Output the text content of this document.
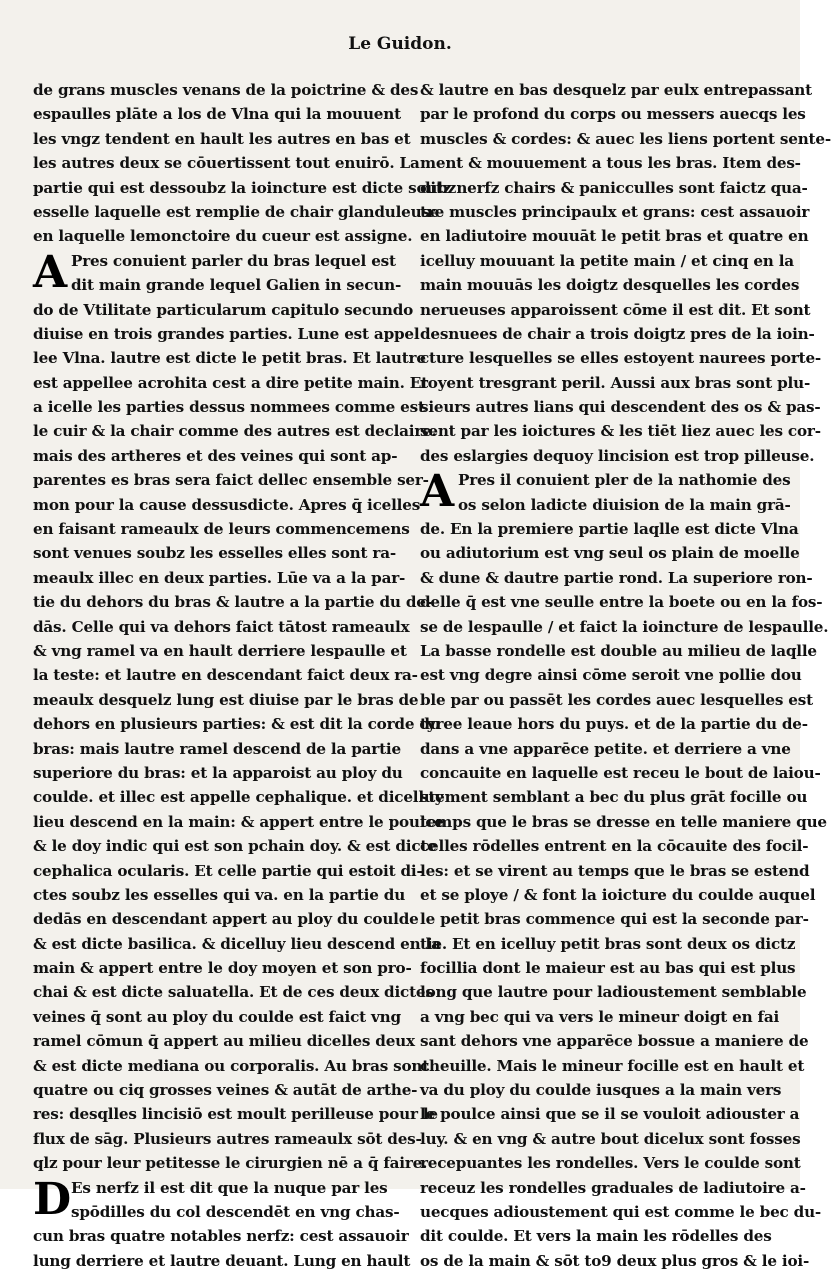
Le Guidon.
de grans muscles venans de la poictrine & des
espaulles plāte a los de Vlna qui la mouuent
les vngz tendent en hault les autres en bas et
les autres deux se cōuertissent tout enuirō. La
partie qui est dessoubz la ioincture est dicte soubz
esselle laquelle est remplie de chair glanduleuse
en laquelle lemonctoire du cueur est assigne.
A Pres conuient parler du bras lequel est
dit main grande lequel Galien in secun-
do de Vtilitate particularum capitulo secundo
diuise en trois grandes parties. Lune est appel
lee Vlna. lautre est dicte le petit bras. Et lautre
est appellee acrohita cest a dire petite main. Et
a icelle les parties dessus nommees comme est
le cuir & la chair comme des autres est declaire.
mais des artheres et des veines qui sont ap-
parentes es bras sera faict dellec ensemble ser-
mon pour la cause dessusdicte. Apres q̄ icelles
en faisant rameaulx de leurs commencemens
sont venues soubz les esselles elles sont ra-
meaulx illec en deux parties. Lūe va a la par-
tie du dehors du bras & lautre a la partie du de-
dās. Celle qui va dehors faict tātost rameaulx
& vng ramel va en hault derriere lespaulle et
la teste: et lautre en descendant faict deux ra-
meaulx desquelz lung est diuise par le bras de
dehors en plusieurs parties: & est dit la corde du
bras: mais lautre ramel descend de la partie
superiore du bras: et la apparoist au ploy du
coulde. et illec est appelle cephalique. et dicelluy
lieu descend en la main: & appert entre le poulce
& le doy indic qui est son pchain doy. & est dicte
cephalica ocularis. Et celle partie qui estoit di-
ctes soubz les esselles qui va. en la partie du
dedās en descendant appert au ploy du coulde
& est dicte basilica. & dicelluy lieu descend en la
main & appert entre le doy moyen et son pro-
chai & est dicte saluatella. Et de ces deux dictes
veines q̄ sont au ploy du coulde est faict vng
ramel cōmun q̄ appert au milieu dicelles deux
& est dicte mediana ou corporalis. Au bras sont
quatre ou ciq grosses veines & autāt de arthe-
res: desqlles lincisiō est moult perilleuse pour le
flux de sāg. Plusieurs autres rameaulx sōt des-
qlz pour leur petitesse le cirurgien nē a q̄ faire.
D Es nerfz il est dit que la nuque par les
spōdilles du col descendēt en vng chas-
cun bras quatre notables nerfz: cest assauoir
lung derriere et lautre deuant. Lung en hault
& lautre en bas desquelz par eulx entrepassant
par le profond du corps ou messers auecqs les
muscles & cordes: & auec les liens portent sente-
ment & mouuement a tous les bras. Item des-
ditz nerfz chairs & panicculles sont faictz qua-
tre muscles principaulx et grans: cest assauoir
en ladiutoire mouuāt le petit bras et quatre en
icelluy mouuant la petite main / et cinq en la
main mouuās les doigtz desquelles les cordes
nerueuses apparoissent cōme il est dit. Et sont
desnuees de chair a trois doigtz pres de la ioin-
cture lesquelles se elles estoyent naurees porte-
royent tresgrant peril. Aussi aux bras sont plu-
sieurs autres lians qui descendent des os & pas-
sent par les ioictures & les tiēt liez auec les cor-
des eslargies dequoy lincision est trop pilleuse.
A Pres il conuient pler de la nathomie des
os selon ladicte diuision de la main grā-
de. En la premiere partie laqlle est dicte Vlna
ou adiutorium est vng seul os plain de moelle
& dune & dautre partie rond. La superiore ron-
delle q̄ est vne seulle entre la boete ou en la fos-
se de lespaulle / et faict la ioincture de lespaulle.
La basse rondelle est double au milieu de laqlle
est vng degre ainsi cōme seroit vne pollie dou
ble par ou passēt les cordes auec lesquelles est
tyree leaue hors du puys. et de la partie du de-
dans a vne apparēce petite. et derriere a vne
concauite en laquelle est receu le bout de laiou-
stement semblant a bec du plus grāt focille ou
temps que le bras se dresse en telle maniere que
celles rōdelles entrent en la cōcauite des focil-
les: et se virent au temps que le bras se estend
et se ploye / & font la ioicture du coulde auquel
le petit bras commence qui est la seconde par-
tie. Et en icelluy petit bras sont deux os dictz
focillia dont le maieur est au bas qui est plus
long que lautre pour ladioustement semblable
a vng bec qui va vers le mineur doigt en fai
sant dehors vne apparēce bossue a maniere de
cheuille. Mais le mineur focille est en hault et
va du ploy du coulde iusques a la main vers
le poulce ainsi que se il se vouloit adiouster a
luy. & en vng & autre bout dicelux sont fosses
recepuantes les rondelles. Vers le coulde sont
receuz les rondelles graduales de ladiutoire a-
uecques adioustement qui est comme le bec du-
dit coulde. Et vers la main les rōdelles des
os de la main & sōt to9 deux plus gros & le ioi-
